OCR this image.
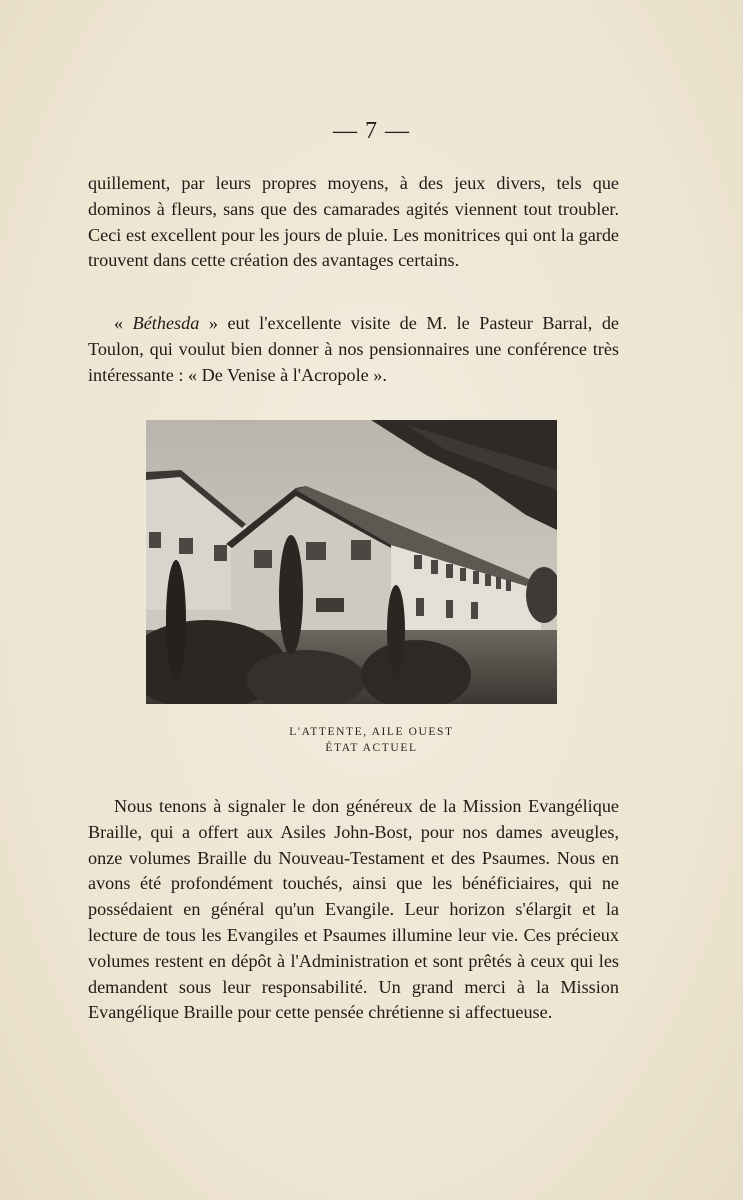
— 7 —
quillement, par leurs propres moyens, à des jeux divers, tels que dominos à fleurs, sans que des camarades agités viennent tout troubler. Ceci est excellent pour les jours de pluie. Les monitrices qui ont la garde trouvent dans cette création des avantages certains.
« Béthesda » eut l'excellente visite de M. le Pasteur Barral, de Toulon, qui voulut bien donner à nos pensionnaires une conférence très intéressante : « De Venise à l'Acropole ».
L'ATTENTE, AILE OUEST
ÉTAT ACTUEL
Nous tenons à signaler le don généreux de la Mission Evangélique Braille, qui a offert aux Asiles John-Bost, pour nos dames aveugles, onze volumes Braille du Nouveau-Testament et des Psaumes. Nous en avons été profondément touchés, ainsi que les bénéficiaires, qui ne possédaient en général qu'un Evangile. Leur horizon s'élargit et la lecture de tous les Evangiles et Psaumes illumine leur vie. Ces précieux volumes restent en dépôt à l'Administration et sont prêtés à ceux qui les demandent sous leur responsabilité. Un grand merci à la Mission Evangélique Braille pour cette pensée chrétienne si affectueuse.
